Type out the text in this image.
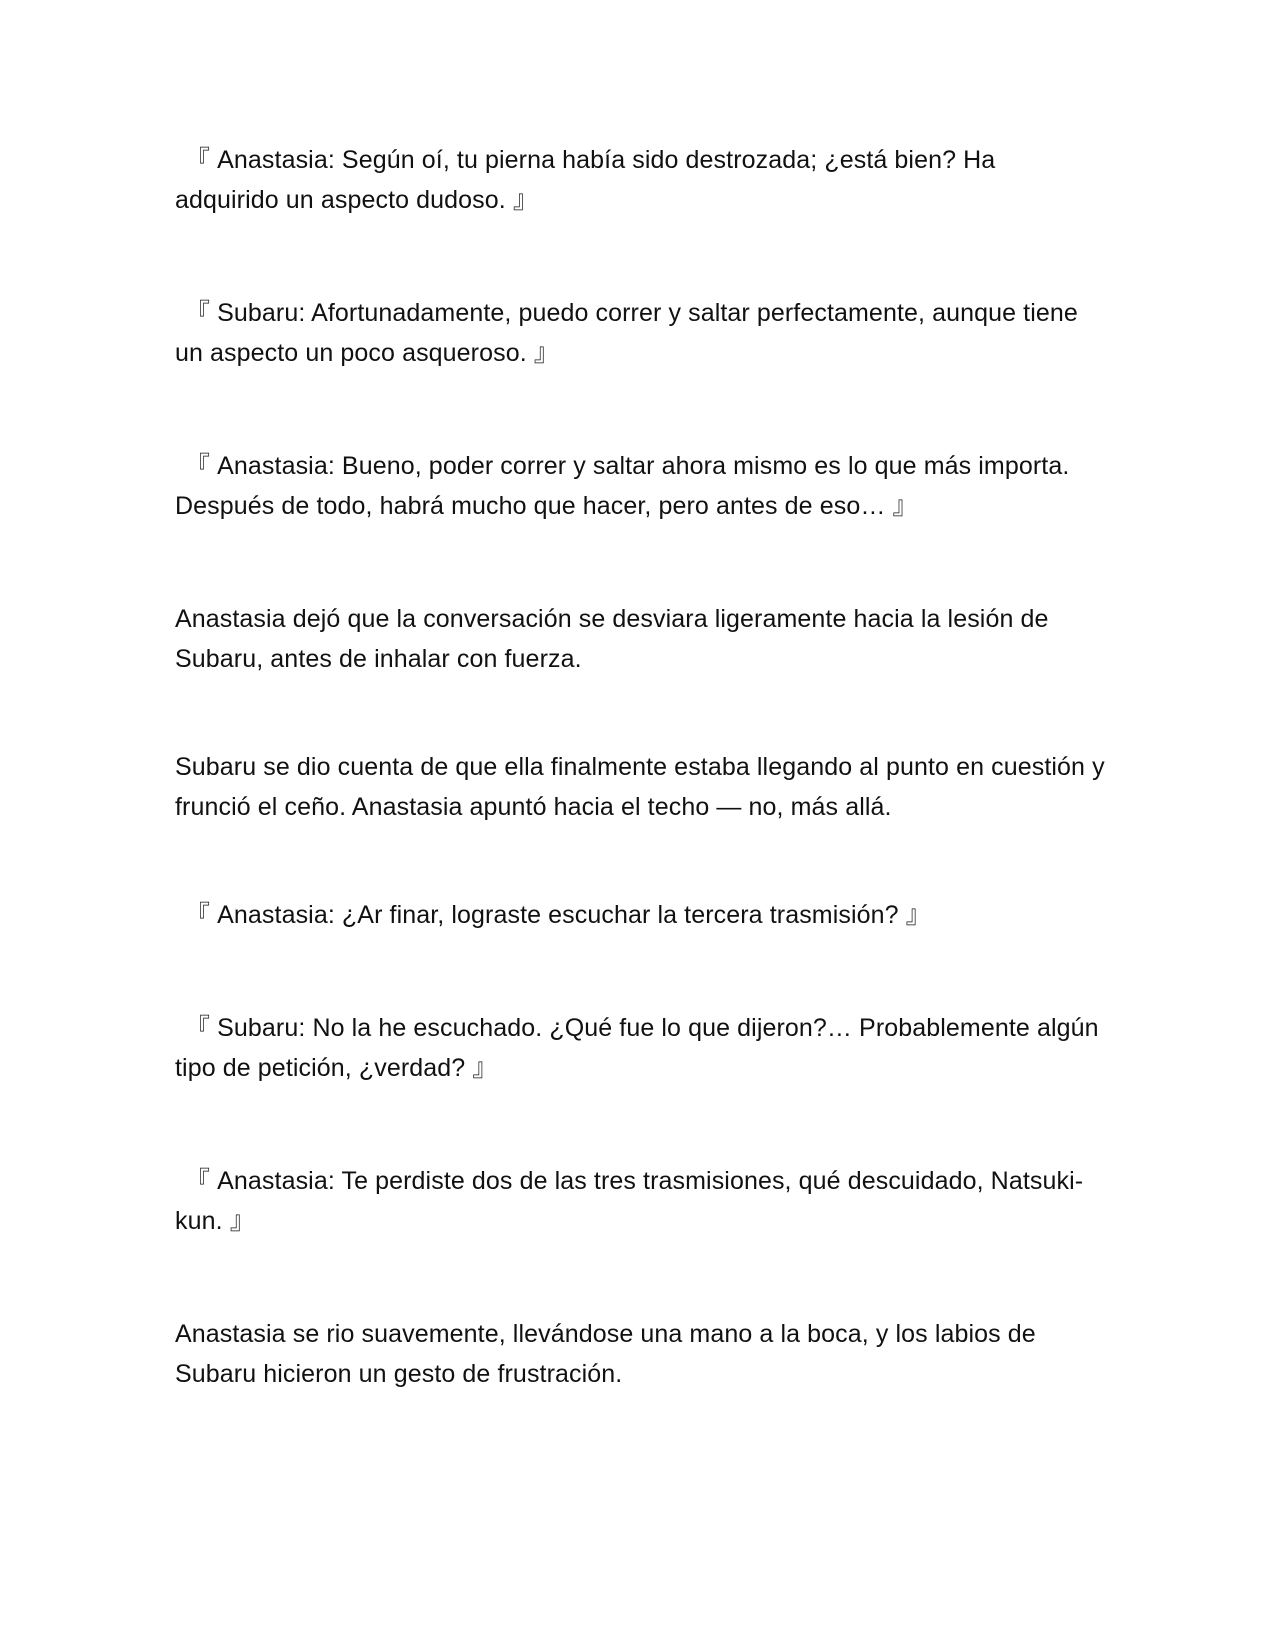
『 Anastasia: Según oí, tu pierna había sido destrozada; ¿está bien? Ha adquirido un aspecto dudoso. 』

『 Subaru: Afortunadamente, puedo correr y saltar perfectamente, aunque tiene un aspecto un poco asqueroso. 』

『 Anastasia: Bueno, poder correr y saltar ahora mismo es lo que más importa. Después de todo, habrá mucho que hacer, pero antes de eso… 』

Anastasia dejó que la conversación se desviara ligeramente hacia la lesión de Subaru, antes de inhalar con fuerza.

Subaru se dio cuenta de que ella finalmente estaba llegando al punto en cuestión y frunció el ceño. Anastasia apuntó hacia el techo — no, más allá.

『 Anastasia: ¿Ar finar, lograste escuchar la tercera trasmisión? 』

『 Subaru: No la he escuchado. ¿Qué fue lo que dijeron?… Probablemente algún tipo de petición, ¿verdad? 』

『 Anastasia: Te perdiste dos de las tres trasmisiones, qué descuidado, Natsuki-kun. 』

Anastasia se rio suavemente, llevándose una mano a la boca, y los labios de Subaru hicieron un gesto de frustración.
